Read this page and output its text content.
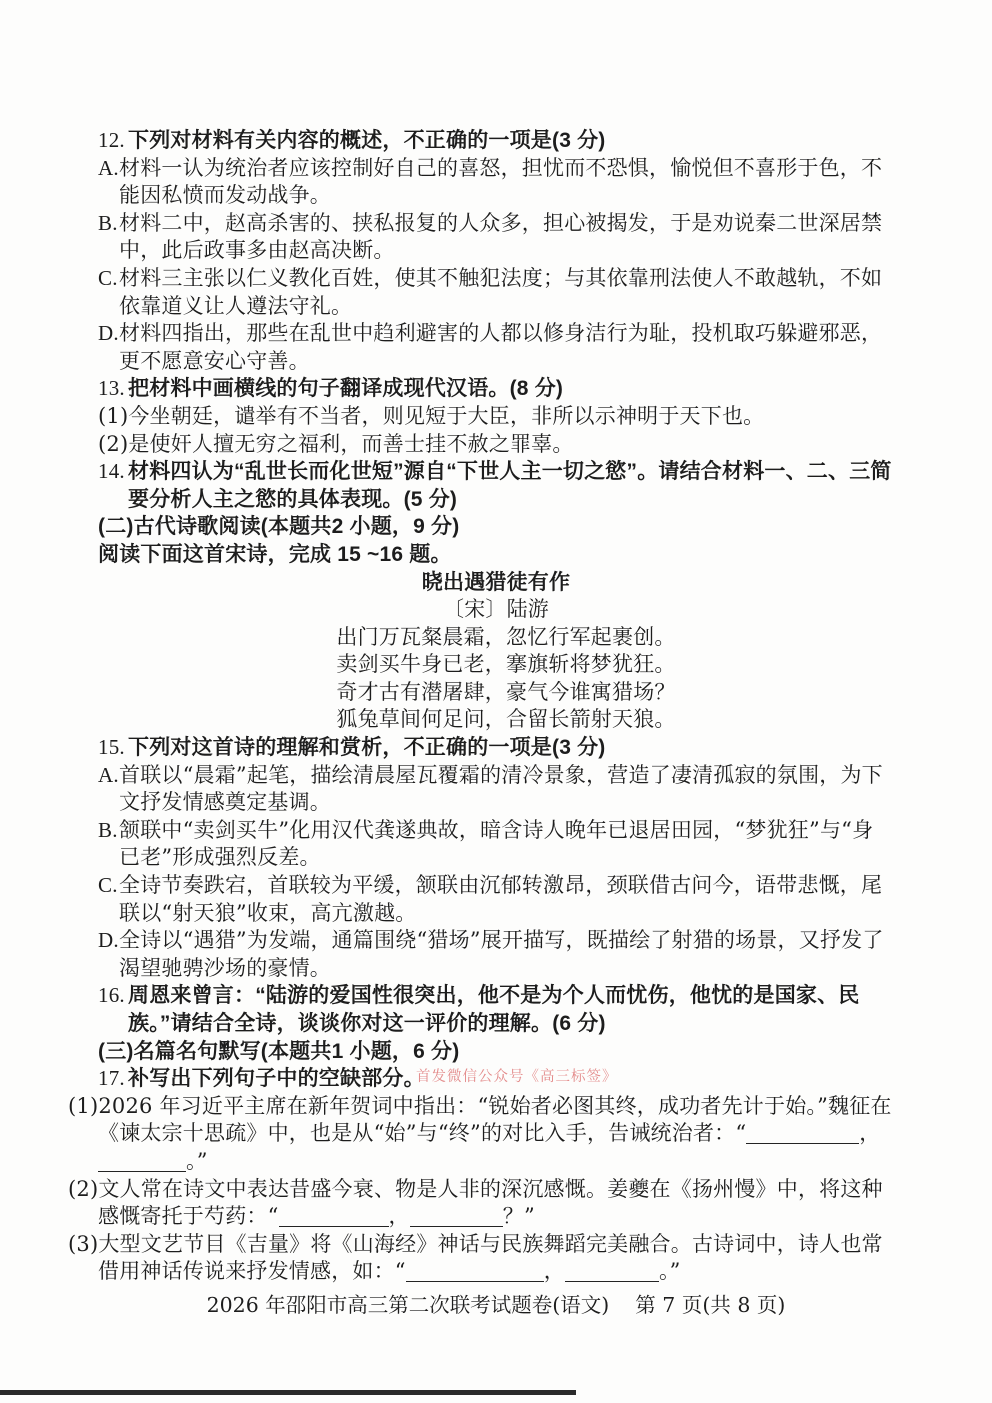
12. 下列对材料有关内容的概述，不正确的一项是(3 分)

A. 材料一认为统治者应该控制好自己的喜怒，担忧而不恐惧，愉悦但不喜形于色，不能因私愤而发动战争。

B. 材料二中，赵高杀害的、挟私报复的人众多，担心被揭发，于是劝说秦二世深居禁中，此后政事多由赵高决断。

C. 材料三主张以仁义教化百姓，使其不触犯法度；与其依靠刑法使人不敢越轨，不如依靠道义让人遵法守礼。

D. 材料四指出，那些在乱世中趋利避害的人都以修身洁行为耻，投机取巧躲避邪恶，更不愿意安心守善。

13. 把材料中画横线的句子翻译成现代汉语。(8 分)

(1)今坐朝廷，谴举有不当者，则见短于大臣，非所以示神明于天下也。

(2)是使奸人擅无穷之福利，而善士挂不赦之罪辜。

14. 材料四认为“乱世长而化世短”源自“下世人主一切之慾”。请结合材料一、二、三简要分析人主之慾的具体表现。(5 分)

(二)古代诗歌阅读(本题共2 小题，9 分)

阅读下面这首宋诗，完成 15 ~16 题。

晓出遇猎徒有作

〔宋〕陆游

出门万瓦粲晨霜，忽忆行军起裹创。

卖剑买牛身已老，搴旗斩将梦犹狂。

奇才古有潜屠肆，豪气今谁寓猎场？

狐兔草间何足问，合留长箭射天狼。

15. 下列对这首诗的理解和赏析，不正确的一项是(3 分)

A. 首联以“晨霜”起笔，描绘清晨屋瓦覆霜的清冷景象，营造了凄清孤寂的氛围，为下文抒发情感奠定基调。

B. 颔联中“卖剑买牛”化用汉代龚遂典故，暗含诗人晚年已退居田园，“梦犹狂”与“身已老”形成强烈反差。

C. 全诗节奏跌宕，首联较为平缓，颔联由沉郁转激昂，颈联借古问今，语带悲慨，尾联以“射天狼”收束，高亢激越。

D. 全诗以“遇猎”为发端，通篇围绕“猎场”展开描写，既描绘了射猎的场景，又抒发了渴望驰骋沙场的豪情。

16. 周恩来曾言：“陆游的爱国性很突出，他不是为个人而忧伤，他忧的是国家、民族。”请结合全诗，谈谈你对这一评价的理解。(6 分)

(三)名篇名句默写(本题共1 小题，6 分)

17. 补写出下列句子中的空缺部分。

(1)2026 年习近平主席在新年贺词中指出：“锐始者必图其终，成功者先计于始。”魏征在《谏太宗十思疏》中，也是从“始”与“终”的对比入手，告诫统治者：“	，。”

(2)文人常在诗文中表达昔盛今衰、物是人非的深沉感慨。姜夔在《扬州慢》中，将这种感慨寄托于芍药：“	，	？”

(3)大型文艺节目《吉量》将《山海经》神话与民族舞蹈完美融合。古诗词中，诗人也常借用神话传说来抒发情感，如：“	，	。”

2026 年邵阳市高三第二次联考试题卷(语文) 第 7 页(共 8 页)
首发微信公众号《高三标签》
